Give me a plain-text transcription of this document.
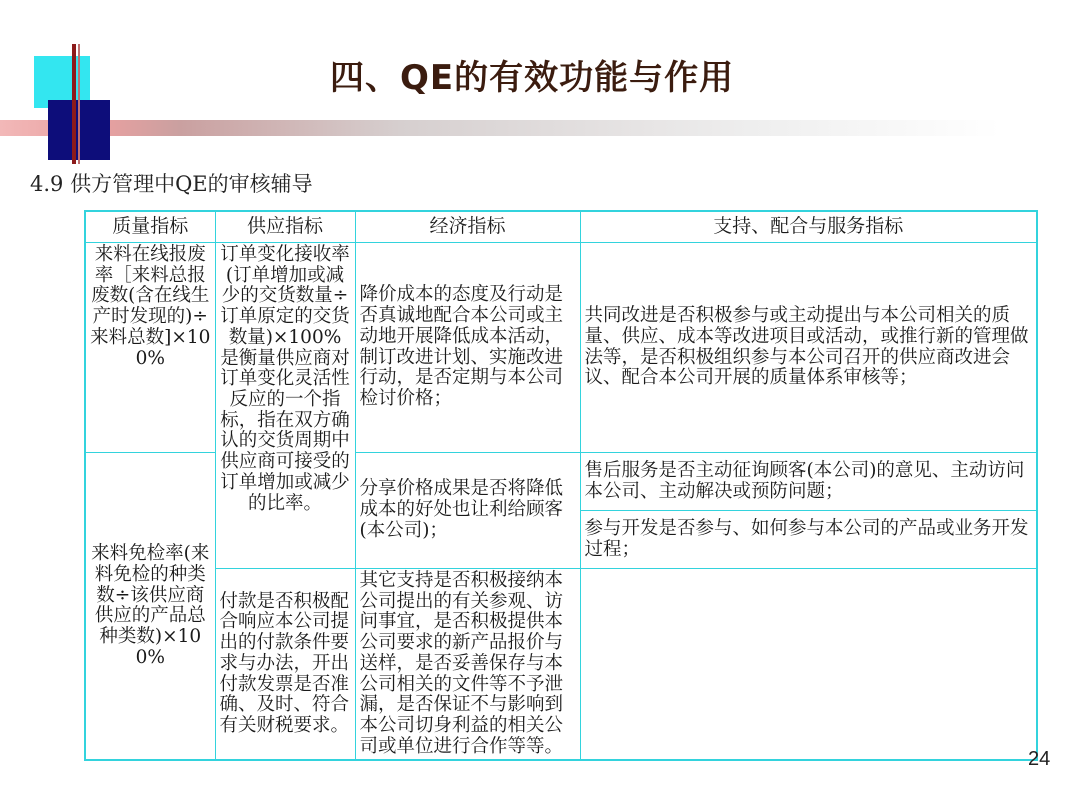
四、QE的有效功能与作用
4.9 供方管理中QE的审核辅导
质量指标	供应指标	经济指标	支持、配合与服务指标
来料在线报废率［来料总报废数(含在线生产时发现的)÷来料总数]×100%	订单变化接收率(订单增加或减少的交货数量÷订单原定的交货数量)×100%是衡量供应商对订单变化灵活性反应的一个指标，指在双方确认的交货周期中供应商可接受的订单增加或减少的比率。	降价成本的态度及行动是否真诚地配合本公司或主动地开展降低成本活动，制订改进计划、实施改进行动，是否定期与本公司检讨价格；	共同改进是否积极参与或主动提出与本公司相关的质量、供应、成本等改进项目或活动，或推行新的管理做法等，是否积极组织参与本公司召开的供应商改进会议、配合本公司开展的质量体系审核等；

来料免检率(来料免检的种类数÷该供应商供应的产品总种类数)×100%		分享价格成果是否将降低成本的好处也让利给顾客(本公司)；	售后服务是否主动征询顾客(本公司)的意见、主动访问本公司、主动解决或预防问题；
			参与开发是否参与、如何参与本公司的产品或业务开发过程；
	付款是否积极配合响应本公司提出的付款条件要求与办法，开出付款发票是否准确、及时、符合有关财税要求。	其它支持是否积极接纳本公司提出的有关参观、访问事宜，是否积极提供本公司要求的新产品报价与送样，是否妥善保存与本公司相关的文件等不予泄漏，是否保证不与影响到本公司切身利益的相关公司或单位进行合作等等。	
24
